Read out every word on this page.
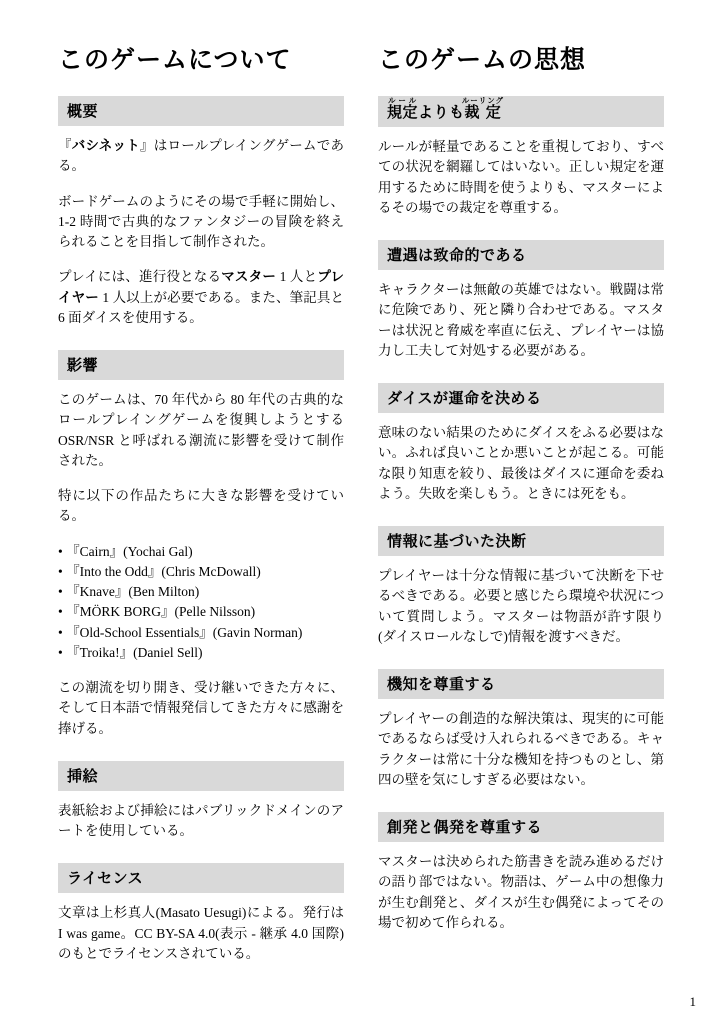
このゲームについて
概要

『バシネット』はロールプレイングゲームである。

ボードゲームのようにその場で手軽に開始し、1-2 時間で古典的なファンタジーの冒険を終えられることを目指して制作された。

プレイには、進行役となるマスター 1 人とプレイヤー 1 人以上が必要である。また、筆記具と 6 面ダイスを使用する。

影響

このゲームは、70 年代から 80 年代の古典的なロールプレイングゲームを復興しようとする OSR/NSR と呼ばれる潮流に影響を受けて制作された。

特に以下の作品たちに大きな影響を受けている。

• 『Cairn』(Yochai Gal)
• 『Into the Odd』(Chris McDowall)
• 『Knave』(Ben Milton)
• 『MÖRK BORG』(Pelle Nilsson)
• 『Old-School Essentials』(Gavin Norman)
• 『Troika!』(Daniel Sell)

この潮流を切り開き、受け継いできた方々に、そして日本語で情報発信してきた方々に感謝を捧げる。

挿絵

表紙絵および挿絵にはパブリックドメインのアートを使用している。

ライセンス

文章は上杉真人(Masato Uesugi)による。発行は I was game。CC BY-SA 4.0(表示 - 継承 4.0 国際)のもとでライセンスされている。

このゲームの思想
規定ルールよりも裁定ルーリング

ルールが軽量であることを重視しており、すべての状況を網羅してはいない。正しい規定を運用するために時間を使うよりも、マスターによるその場での裁定を尊重する。

遭遇は致命的である

キャラクターは無敵の英雄ではない。戦闘は常に危険であり、死と隣り合わせである。マスターは状況と脅威を率直に伝え、プレイヤーは協力し工夫して対処する必要がある。

ダイスが運命を決める

意味のない結果のためにダイスをふる必要はない。ふれば良いことか悪いことが起こる。可能な限り知恵を絞り、最後はダイスに運命を委ねよう。失敗を楽しもう。ときには死をも。

情報に基づいた決断

プレイヤーは十分な情報に基づいて決断を下せるべきである。必要と感じたら環境や状況について質問しよう。マスターは物語が許す限り(ダイスロールなしで)情報を渡すべきだ。

機知を尊重する

プレイヤーの創造的な解決策は、現実的に可能であるならば受け入れられるべきである。キャラクターは常に十分な機知を持つものとし、第四の壁を気にしすぎる必要はない。

創発と偶発を尊重する

マスターは決められた筋書きを読み進めるだけの語り部ではない。物語は、ゲーム中の想像力が生む創発と、ダイスが生む偶発によってその場で初めて作られる。

1
